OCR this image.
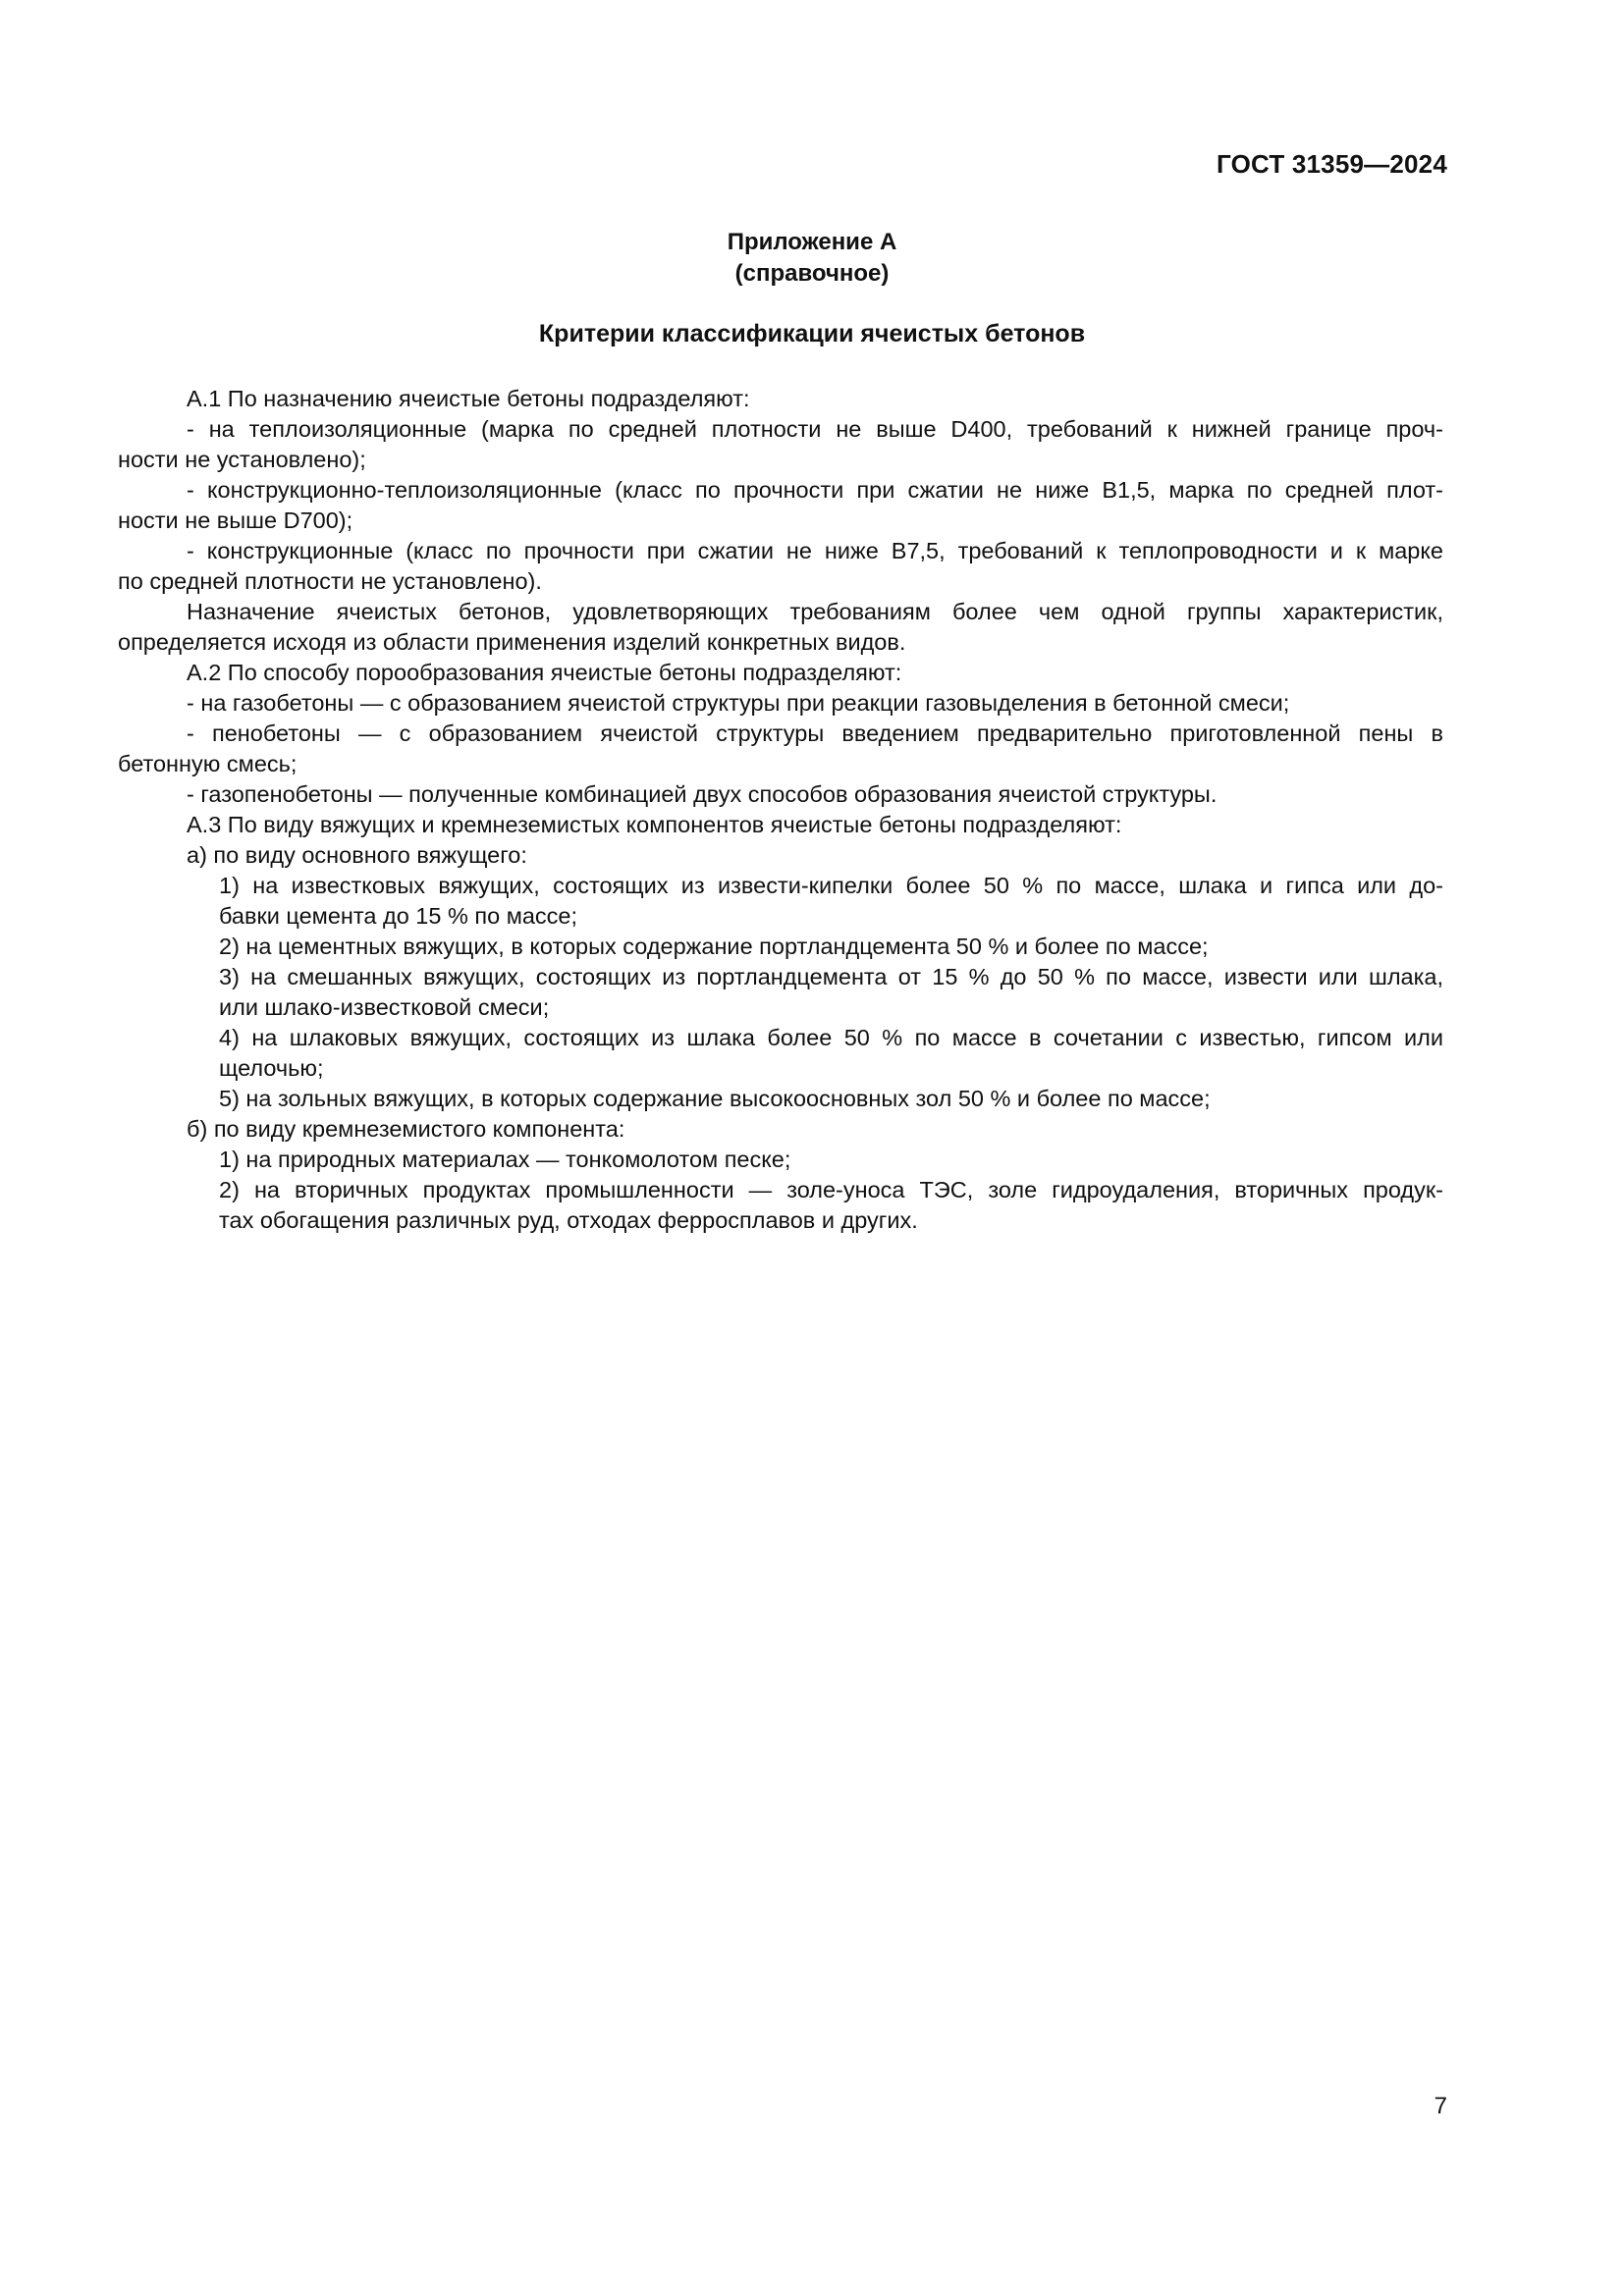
ГОСТ 31359—2024
Приложение А
(справочное)
Критерии классификации ячеистых бетонов
А.1 По назначению ячеистые бетоны подразделяют:
- на теплоизоляционные (марка по средней плотности не выше D400, требований к нижней границе проч-
ности не установлено);
- конструкционно-теплоизоляционные (класс по прочности при сжатии не ниже В1,5, марка по средней плот-
ности не выше D700);
- конструкционные (класс по прочности при сжатии не ниже В7,5, требований к теплопроводности и к марке
по средней плотности не установлено).
Назначение ячеистых бетонов, удовлетворяющих требованиям более чем одной группы характеристик,
определяется исходя из области применения изделий конкретных видов.
А.2 По способу порообразования ячеистые бетоны подразделяют:
- на газобетоны — с образованием ячеистой структуры при реакции газовыделения в бетонной смеси;
- пенобетоны — с образованием ячеистой структуры введением предварительно приготовленной пены в
бетонную смесь;
- газопенобетоны — полученные комбинацией двух способов образования ячеистой структуры.
А.3 По виду вяжущих и кремнеземистых компонентов ячеистые бетоны подразделяют:
а) по виду основного вяжущего:
1) на известковых вяжущих, состоящих из извести-кипелки более 50 % по массе, шлака и гипса или до-
бавки цемента до 15 % по массе;
2) на цементных вяжущих, в которых содержание портландцемента 50 % и более по массе;
3) на смешанных вяжущих, состоящих из портландцемента от 15 % до 50 % по массе, извести или шлака,
или шлако-известковой смеси;
4) на шлаковых вяжущих, состоящих из шлака более 50 % по массе в сочетании с известью, гипсом или
щелочью;
5) на зольных вяжущих, в которых содержание высокоосновных зол 50 % и более по массе;
б) по виду кремнеземистого компонента:
1) на природных материалах — тонкомолотом песке;
2) на вторичных продуктах промышленности — золе-уноса ТЭС, золе гидроудаления, вторичных продук-
тах обогащения различных руд, отходах ферросплавов и других.
7
